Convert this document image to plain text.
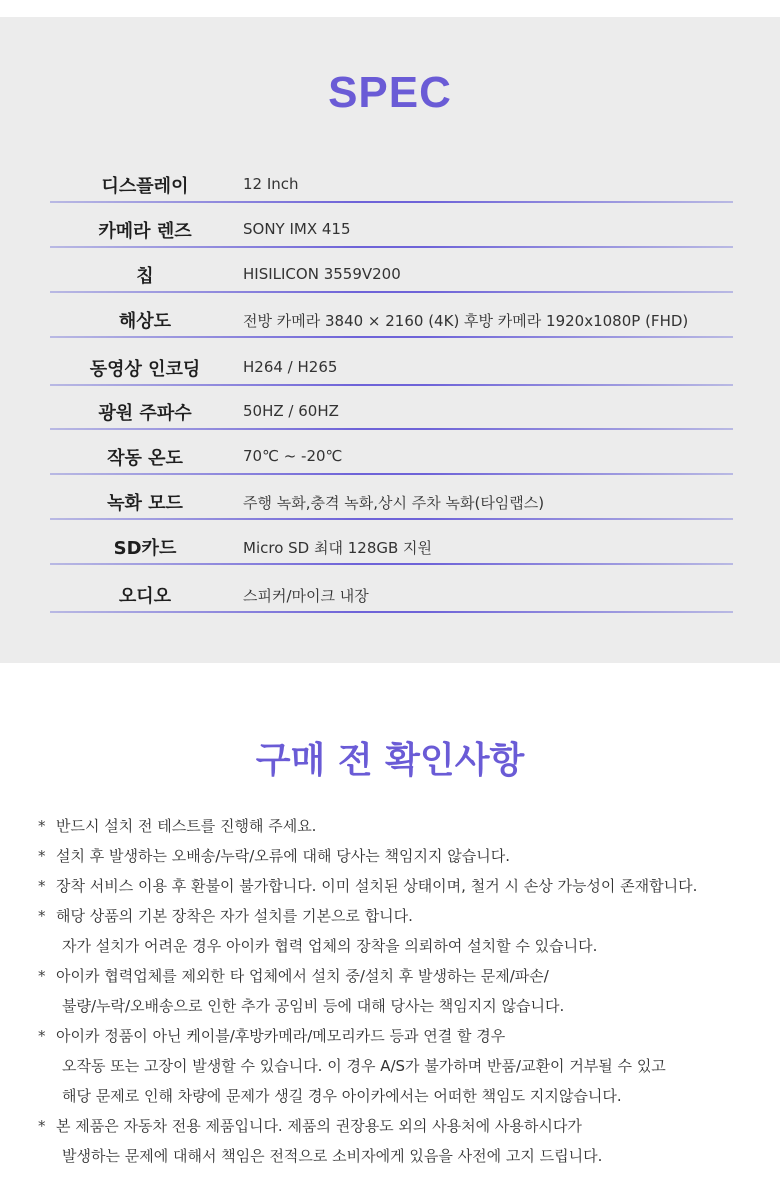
SPEC
디스플레이	12 Inch
카메라 렌즈	SONY IMX 415
칩	HISILICON 3559V200
해상도	전방 카메라 3840 × 2160 (4K) 후방 카메라 1920x1080P (FHD)
동영상 인코딩	H264 / H265
광원 주파수	50HZ / 60HZ
작동 온도	70℃ ~ -20℃
녹화 모드	주행 녹화,충격 녹화,상시 주차 녹화(타임랩스)
SD카드	Micro SD 최대 128GB 지원
오디오	스피커/마이크 내장
구매 전 확인사항
* 반드시 설치 전 테스트를 진행해 주세요.
* 설치 후 발생하는 오배송/누락/오류에 대해 당사는 책임지지 않습니다.
* 장착 서비스 이용 후 환불이 불가합니다. 이미 설치된 상태이며, 철거 시 손상 가능성이 존재합니다.
* 해당 상품의 기본 장착은 자가 설치를 기본으로 합니다.
자가 설치가 어려운 경우 아이카 협력 업체의 장착을 의뢰하여 설치할 수 있습니다.
* 아이카 협력업체를 제외한 타 업체에서 설치 중/설치 후 발생하는 문제/파손/
불량/누락/오배송으로 인한 추가 공임비 등에 대해 당사는 책임지지 않습니다.
* 아이카 정품이 아닌 케이블/후방카메라/메모리카드 등과 연결 할 경우
오작동 또는 고장이 발생할 수 있습니다. 이 경우 A/S가 불가하며 반품/교환이 거부될 수 있고
해당 문제로 인해 차량에 문제가 생길 경우 아이카에서는 어떠한 책임도 지지않습니다.
* 본 제품은 자동차 전용 제품입니다. 제품의 권장용도 외의 사용처에 사용하시다가
발생하는 문제에 대해서 책임은 전적으로 소비자에게 있음을 사전에 고지 드립니다.
